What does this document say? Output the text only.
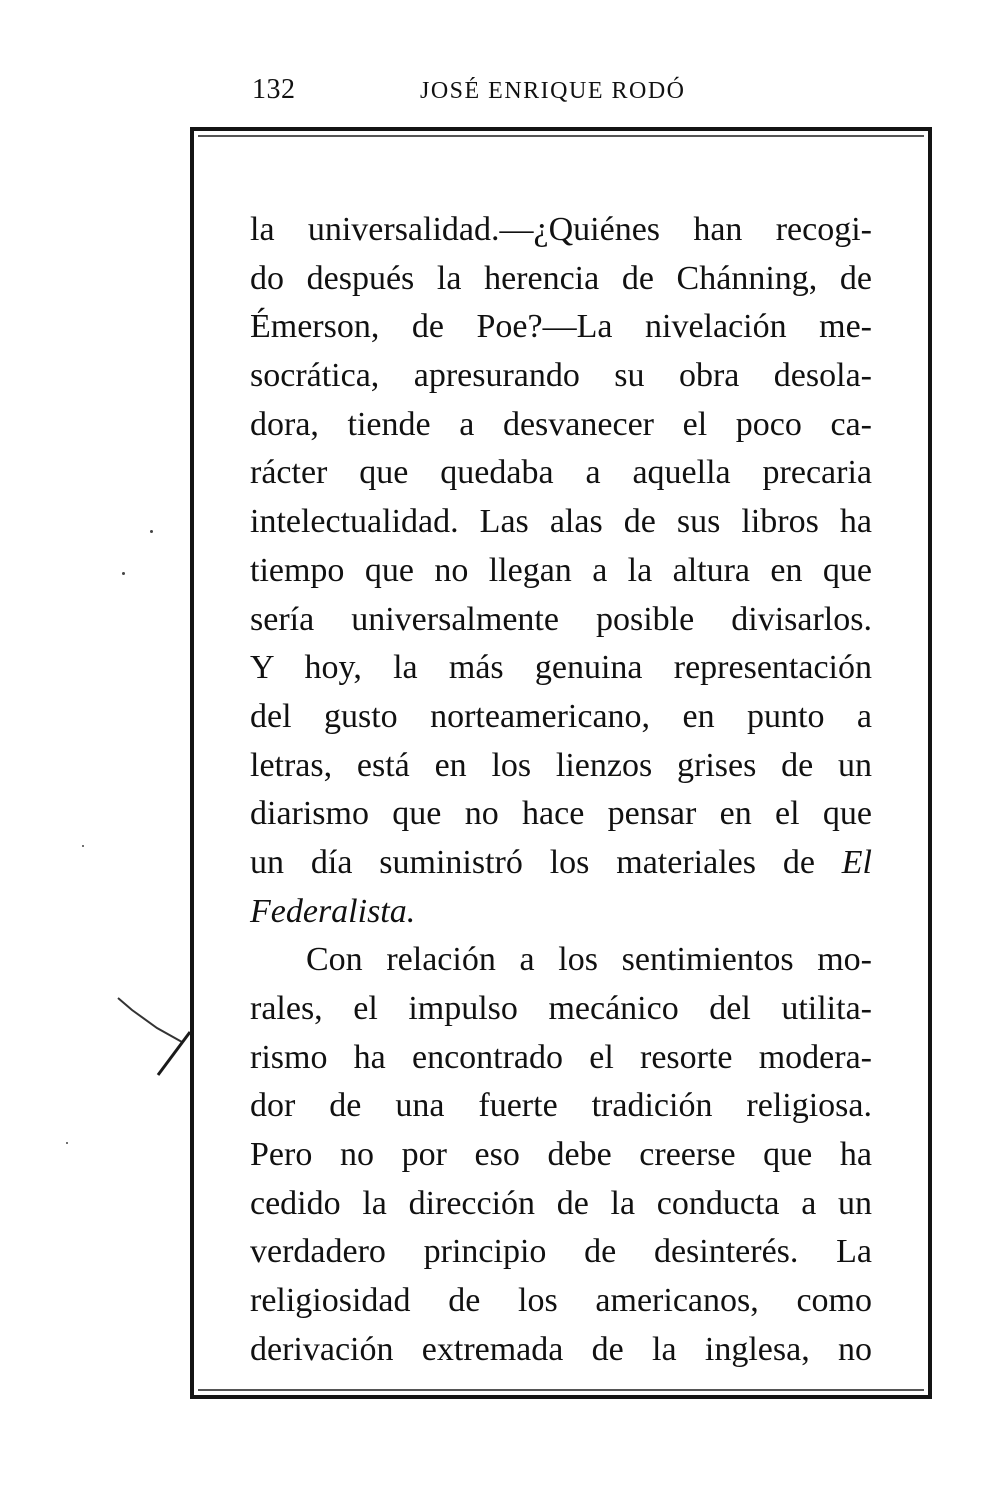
132	JOSÉ ENRIQUE RODÓ
la universalidad.—¿Quiénes han recogi-
do después la herencia de Chánning, de
Émerson, de Poe?—La nivelación me-
socrática, apresurando su obra desola-
dora, tiende a desvanecer el poco ca-
rácter que quedaba a aquella precaria
intelectualidad. Las alas de sus libros ha
tiempo que no llegan a la altura en que
sería universalmente posible divisarlos.
Y hoy, la más genuina representación
del gusto norteamericano, en punto a
letras, está en los lienzos grises de un
diarismo que no hace pensar en el que
un día suministró los materiales de El
Federalista.
Con relación a los sentimientos mo-
rales, el impulso mecánico del utilita-
rismo ha encontrado el resorte modera-
dor de una fuerte tradición religiosa.
Pero no por eso debe creerse que ha
cedido la dirección de la conducta a un
verdadero principio de desinterés. La
religiosidad de los americanos, como
derivación extremada de la inglesa, no
